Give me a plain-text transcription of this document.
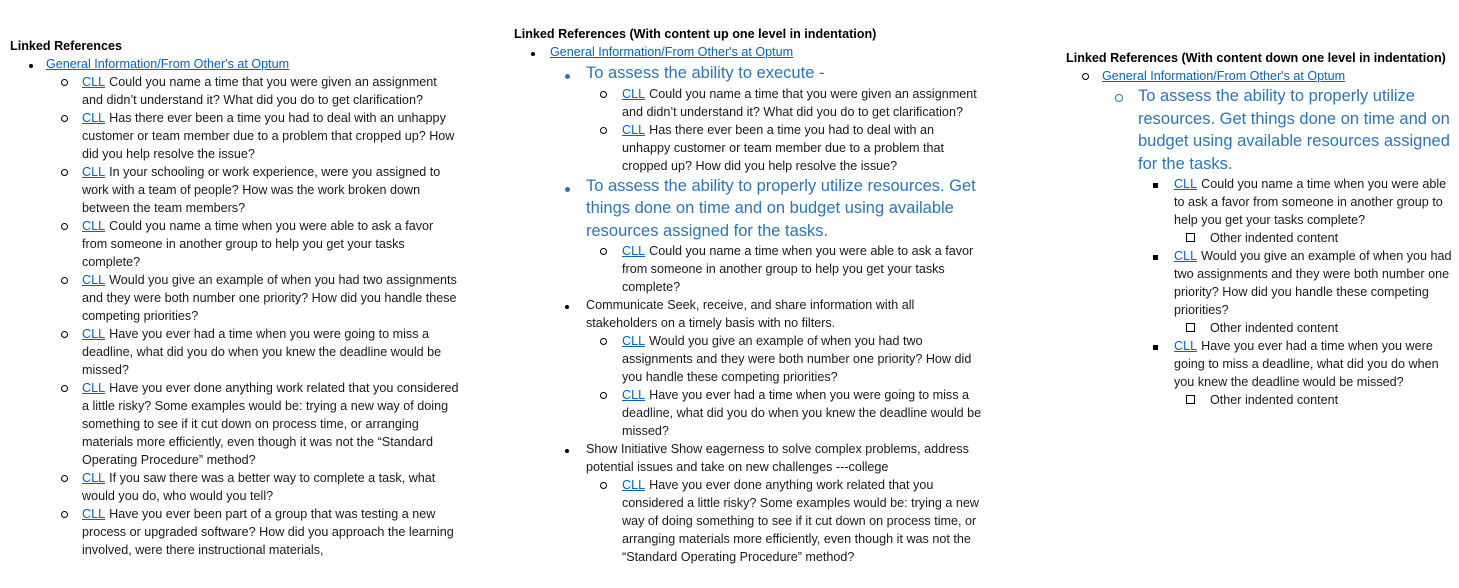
Linked References

General Information/From Other's at Optum
CLL Could you name a time that you were given an assignment and didn’t understand it? What did you do to get clarification?
CLL Has there ever been a time you had to deal with an unhappy customer or team member due to a problem that cropped up? How did you help resolve the issue?
CLL In your schooling or work experience, were you assigned to work with a team of people? How was the work broken down between the team members?
CLL Could you name a time when you were able to ask a favor from someone in another group to help you get your tasks complete?
CLL Would you give an example of when you had two assignments and they were both number one priority? How did you handle these competing priorities?
CLL Have you ever had a time when you were going to miss a deadline, what did you do when you knew the deadline would be missed?
CLL Have you ever done anything work related that you considered a little risky? Some examples would be: trying a new way of doing something to see if it cut down on process time, or arranging materials more efficiently, even though it was not the “Standard Operating Procedure” method?
CLL If you saw there was a better way to complete a task, what would you do, who would you tell?
CLL Have you ever been part of a group that was testing a new process or upgraded software? How did you approach the learning involved, were there instructional materials,

Linked References (With content up one level in indentation)

General Information/From Other's at Optum
To assess the ability to execute -
CLL Could you name a time that you were given an assignment and didn’t understand it? What did you do to get clarification?
CLL Has there ever been a time you had to deal with an unhappy customer or team member due to a problem that cropped up? How did you help resolve the issue?
To assess the ability to properly utilize resources. Get things done on time and on budget using available resources assigned for the tasks.
CLL Could you name a time when you were able to ask a favor from someone in another group to help you get your tasks complete?
Communicate Seek, receive, and share information with all stakeholders on a timely basis with no filters.
CLL Would you give an example of when you had two assignments and they were both number one priority? How did you handle these competing priorities?
CLL Have you ever had a time when you were going to miss a deadline, what did you do when you knew the deadline would be missed?
Show Initiative Show eagerness to solve complex problems, address potential issues and take on new challenges ---college
CLL Have you ever done anything work related that you considered a little risky? Some examples would be: trying a new way of doing something to see if it cut down on process time, or arranging materials more efficiently, even though it was not the “Standard Operating Procedure” method?

Linked References (With content down one level in indentation)

General Information/From Other's at Optum
To assess the ability to properly utilize resources. Get things done on time and on budget using available resources assigned for the tasks.
CLL Could you name a time when you were able to ask a favor from someone in another group to help you get your tasks complete?
Other indented content
CLL Would you give an example of when you had two assignments and they were both number one priority? How did you handle these competing priorities?
Other indented content
CLL Have you ever had a time when you were going to miss a deadline, what did you do when you knew the deadline would be missed?
Other indented content
